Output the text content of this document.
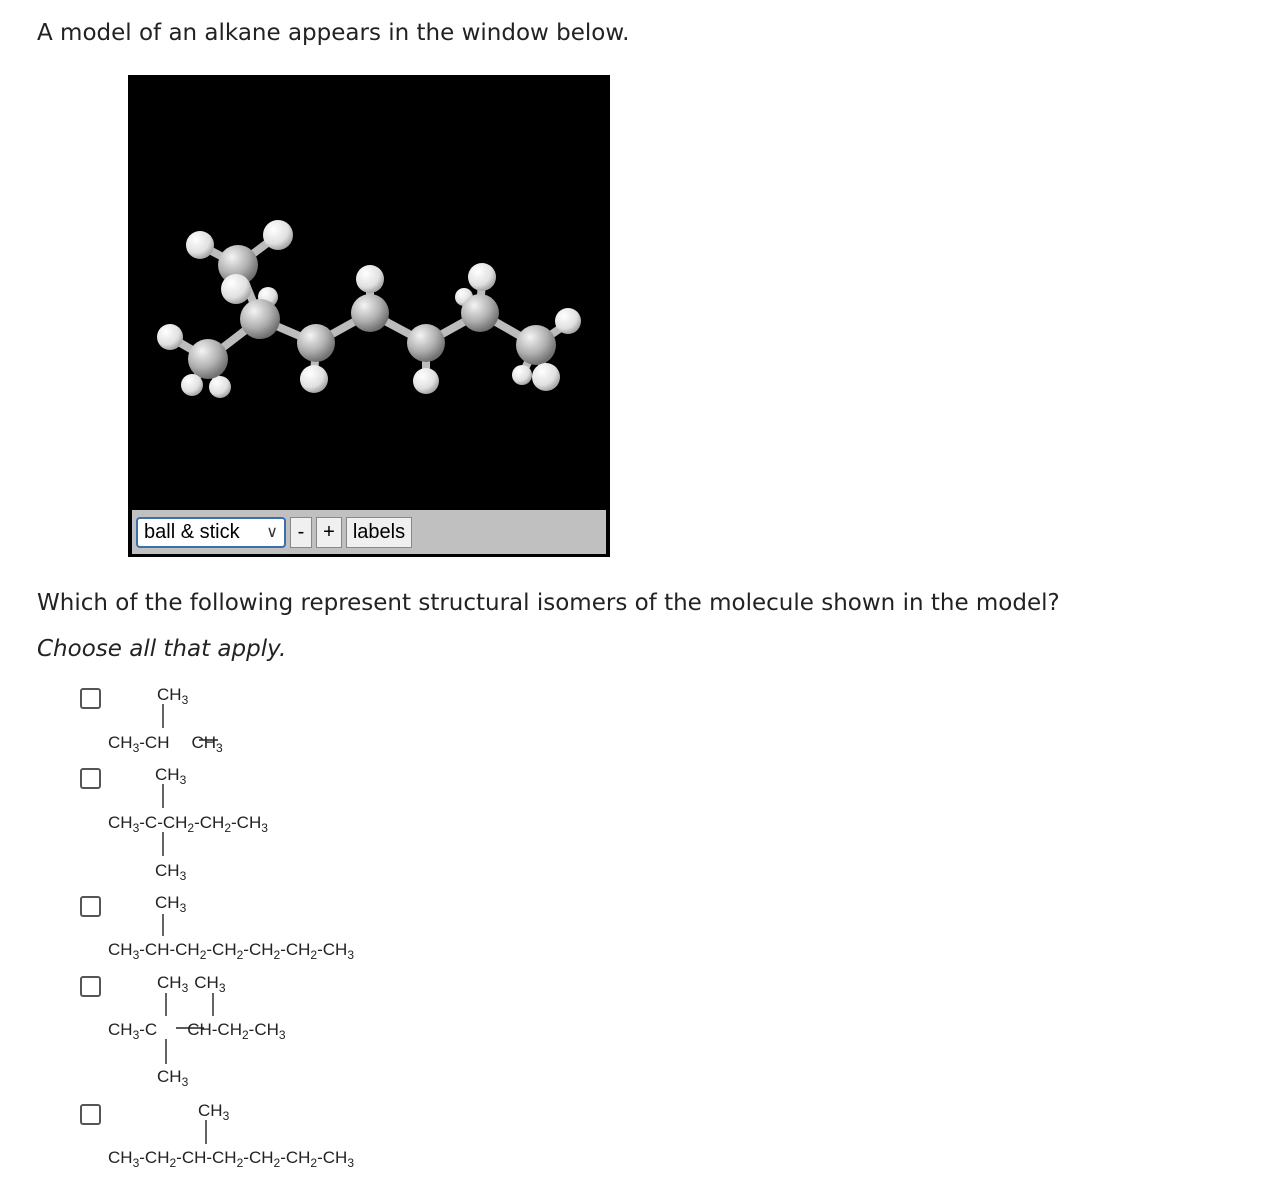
A model of an alkane appears in the window below.
ball & stick ∨ - + labels
Which of the following represent structural isomers of the molecule shown in the model?
Choose all that apply.
$CH_3$
$CH_3-CH$ $CH_3$
$CH_3$
$CH_3-C-CH_2-CH_2-CH_3$
$CH_3$
$CH_3$
$CH_3-CH-CH_2-CH_2-CH_2-CH_2-CH_3$
$CH_3$ $CH_3$
$CH_3-C$ $CH-CH_2-CH_3$
$CH_3$
$CH_3$
$CH_3-CH_2-CH-CH_2-CH_2-CH_2-CH_3$
